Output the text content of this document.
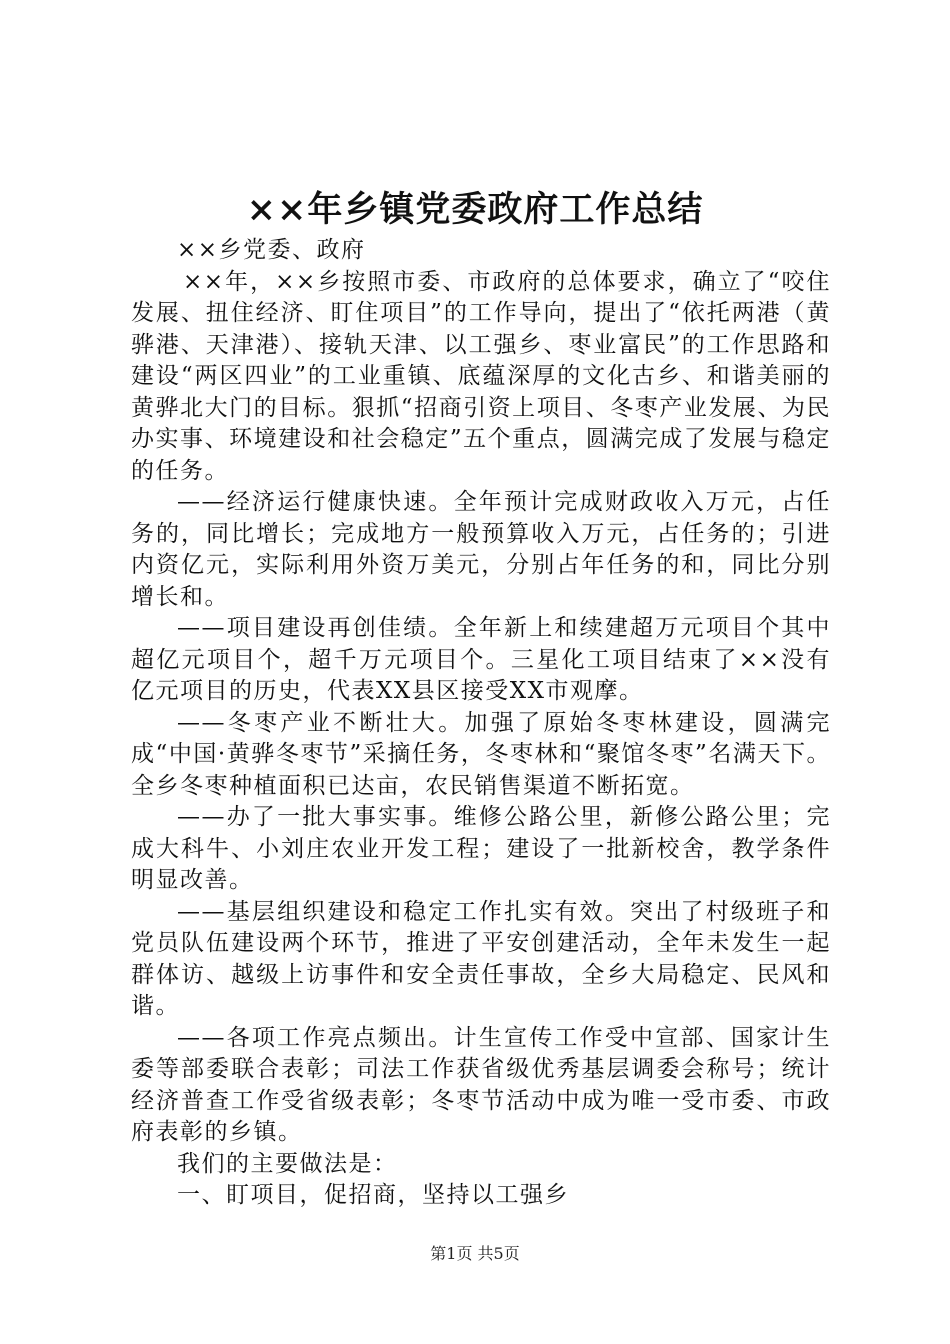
××年乡镇党委政府工作总结

××乡党委、政府

××年，××乡按照市委、市政府的总体要求，确立了“咬住发展、扭住经济、盯住项目”的工作导向，提出了“依托两港（黄骅港、天津港）、接轨天津、以工强乡、枣业富民”的工作思路和建设“两区四业”的工业重镇、底蕴深厚的文化古乡、和谐美丽的黄骅北大门的目标。狠抓“招商引资上项目、冬枣产业发展、为民办实事、环境建设和社会稳定”五个重点，圆满完成了发展与稳定的任务。

——经济运行健康快速。全年预计完成财政收入万元，占任务的，同比增长；完成地方一般预算收入万元，占任务的；引进内资亿元，实际利用外资万美元，分别占年任务的和，同比分别增长和。

——项目建设再创佳绩。全年新上和续建超万元项目个其中超亿元项目个，超千万元项目个。三星化工项目结束了××没有亿元项目的历史，代表XX县区接受XX市观摩。

——冬枣产业不断壮大。加强了原始冬枣林建设，圆满完成“中国·黄骅冬枣节”采摘任务，冬枣林和“聚馆冬枣”名满天下。全乡冬枣种植面积已达亩，农民销售渠道不断拓宽。

——办了一批大事实事。维修公路公里，新修公路公里；完成大科牛、小刘庄农业开发工程；建设了一批新校舍，教学条件明显改善。

——基层组织建设和稳定工作扎实有效。突出了村级班子和党员队伍建设两个环节，推进了平安创建活动，全年未发生一起群体访、越级上访事件和安全责任事故，全乡大局稳定、民风和谐。

——各项工作亮点频出。计生宣传工作受中宣部、国家计生委等部委联合表彰；司法工作获省级优秀基层调委会称号；统计经济普查工作受省级表彰；冬枣节活动中成为唯一受市委、市政府表彰的乡镇。

我们的主要做法是：

一、盯项目，促招商，坚持以工强乡

第1页 共5页
